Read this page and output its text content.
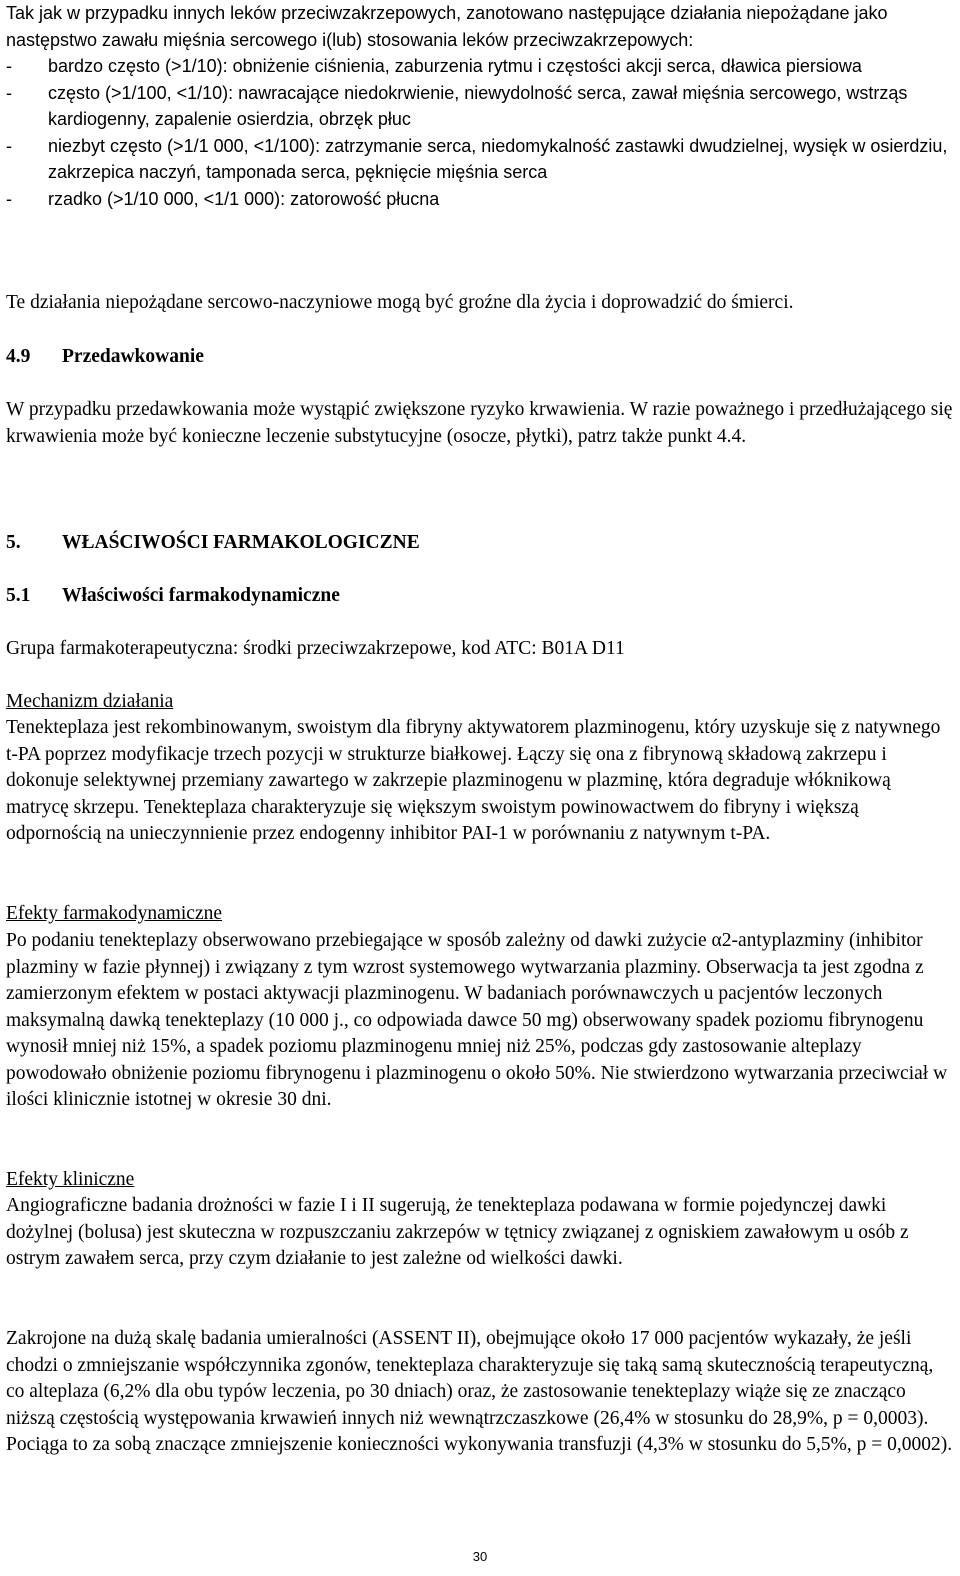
Tak jak w przypadku innych leków przeciwzakrzepowych, zanotowano następujące działania niepożądane jako następstwo zawału mięśnia sercowego i(lub) stosowania leków przeciwzakrzepowych:

- bardzo często (>1/10): obniżenie ciśnienia, zaburzenia rytmu i częstości akcji serca, dławica piersiowa
- często (>1/100, <1/10): nawracające niedokrwienie, niewydolność serca, zawał mięśnia sercowego, wstrząs kardiogenny, zapalenie osierdzia, obrzęk płuc
- niezbyt często (>1/1 000, <1/100): zatrzymanie serca, niedomykalność zastawki dwudzielnej, wysięk w osierdziu, zakrzepica naczyń, tamponada serca, pęknięcie mięśnia serca
- rzadko (>1/10 000, <1/1 000): zatorowość płucna

Te działania niepożądane sercowo-naczyniowe mogą być groźne dla życia i doprowadzić do śmierci.

4.9 Przedawkowanie

W przypadku przedawkowania może wystąpić zwiększone ryzyko krwawienia. W razie poważnego i przedłużającego się krwawienia może być konieczne leczenie substytucyjne (osocze, płytki), patrz także punkt 4.4.

5. WŁAŚCIWOŚCI FARMAKOLOGICZNE
5.1 Właściwości farmakodynamiczne

Grupa farmakoterapeutyczna: środki przeciwzakrzepowe, kod ATC: B01A D11

Mechanizm działania

Tenekteplaza jest rekombinowanym, swoistym dla fibryny aktywatorem plazminogenu, który uzyskuje się z natywnego t-PA poprzez modyfikacje trzech pozycji w strukturze białkowej. Łączy się ona z fibrynową składową zakrzepu i dokonuje selektywnej przemiany zawartego w zakrzepie plazminogenu w plazminę, która degraduje włóknikową matrycę skrzepu. Tenekteplaza charakteryzuje się większym swoistym powinowactwem do fibryny i większą odpornością na unieczynnienie przez endogenny inhibitor PAI-1 w porównaniu z natywnym t-PA.

Efekty farmakodynamiczne

Po podaniu tenekteplazy obserwowano przebiegające w sposób zależny od dawki zużycie α2-antyplazminy (inhibitor plazminy w fazie płynnej) i związany z tym wzrost systemowego wytwarzania plazminy. Obserwacja ta jest zgodna z zamierzonym efektem w postaci aktywacji plazminogenu. W badaniach porównawczych u pacjentów leczonych maksymalną dawką tenekteplazy (10 000 j., co odpowiada dawce 50 mg) obserwowany spadek poziomu fibrynogenu wynosił mniej niż 15%, a spadek poziomu plazminogenu mniej niż 25%, podczas gdy zastosowanie alteplazy powodowało obniżenie poziomu fibrynogenu i plazminogenu o około 50%. Nie stwierdzono wytwarzania przeciwciał w ilości klinicznie istotnej w okresie 30 dni.

Efekty kliniczne

Angiograficzne badania drożności w fazie I i II sugerują, że tenekteplaza podawana w formie pojedynczej dawki dożylnej (bolusa) jest skuteczna w rozpuszczaniu zakrzepów w tętnicy związanej z ogniskiem zawałowym u osób z ostrym zawałem serca, przy czym działanie to jest zależne od wielkości dawki.

Zakrojone na dużą skalę badania umieralności (ASSENT II), obejmujące około 17 000 pacjentów wykazały, że jeśli chodzi o zmniejszanie współczynnika zgonów, tenekteplaza charakteryzuje się taką samą skutecznością terapeutyczną, co alteplaza (6,2% dla obu typów leczenia, po 30 dniach) oraz, że zastosowanie tenekteplazy wiąże się ze znacząco niższą częstością występowania krwawień innych niż wewnątrzczaszkowe (26,4% w stosunku do 28,9%, p = 0,0003). Pociąga to za sobą znaczące zmniejszenie konieczności wykonywania transfuzji (4,3% w stosunku do 5,5%, p = 0,0002).

30
